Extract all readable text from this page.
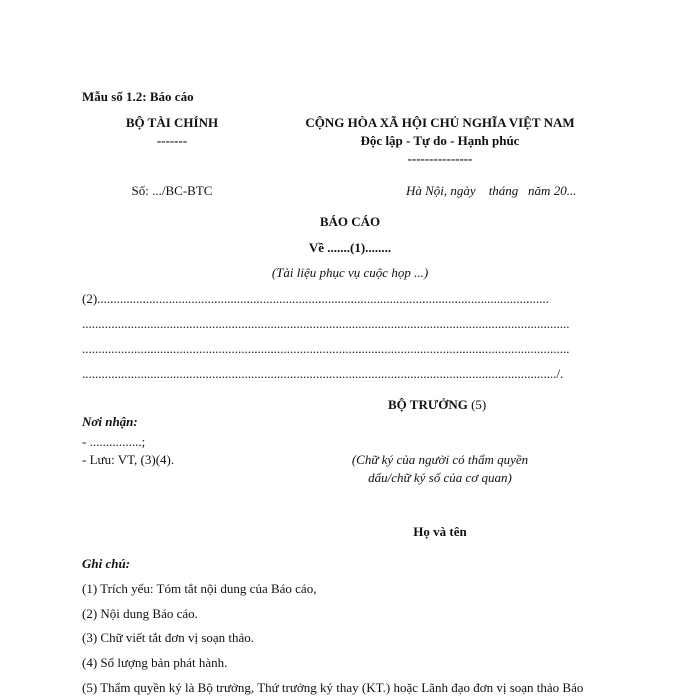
Mẫu số 1.2: Báo cáo
BỘ TÀI CHÍNH
-------
CỘNG HÒA XÃ HỘI CHỦ NGHĨA VIỆT NAM
Độc lập - Tự do - Hạnh phúc
---------------
Số: .../BC-BTC	Hà Nội, ngày    tháng   năm 20...
BÁO CÁO
Về .......(1)........
(Tài liệu phục vụ cuộc họp ...)
(2)...........................................................................................................................................
......................................................................................................................................................
......................................................................................................................................................
................................................................................................................................................../.
BỘ TRƯỞNG (5)
Nơi nhận:
- ................;
- Lưu: VT, (3)(4).	(Chữ ký của người có thẩm quyền
dấu/chữ ký số của cơ quan)
Họ và tên
Ghi chú:
(1) Trích yếu: Tóm tắt nội dung của Báo cáo,
(2) Nội dung Báo cáo.
(3) Chữ viết tắt đơn vị soạn thảo.
(4) Số lượng bản phát hành.
(5) Thẩm quyền ký là Bộ trưởng, Thứ trưởng ký thay (KT.) hoặc Lãnh đạo đơn vị soạn thảo Báo
